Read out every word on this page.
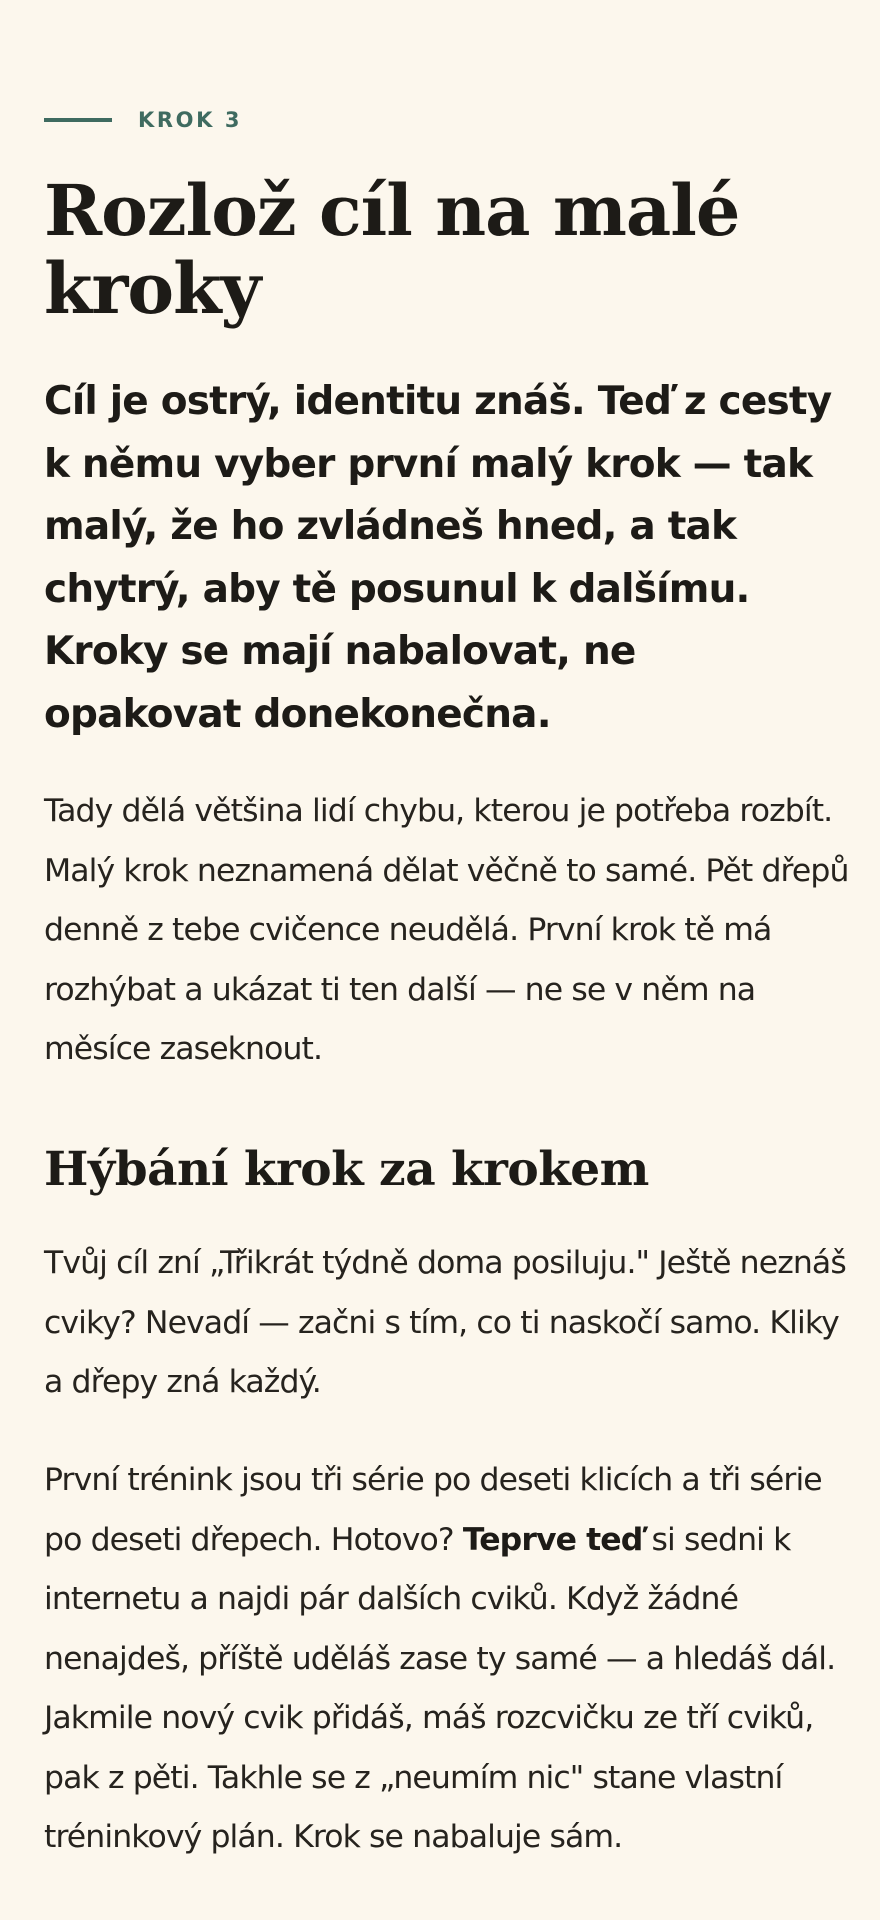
KROK 3
Rozlož cíl na malé kroky

Cíl je ostrý, identitu znáš. Teď z cesty k němu vyber první malý krok — tak malý, že ho zvládneš hned, a tak chytrý, aby tě posunul k dalšímu. Kroky se mají nabalovat, ne opakovat donekonečna.

Tady dělá většina lidí chybu, kterou je potřeba rozbít. Malý krok neznamená dělat věčně to samé. Pět dřepů denně z tebe cvičence neudělá. První krok tě má rozhýbat a ukázat ti ten další — ne se v něm na měsíce zaseknout.

Hýbání krok za krokem

Tvůj cíl zní „Třikrát týdně doma posiluju." Ještě neznáš cviky? Nevadí — začni s tím, co ti naskočí samo. Kliky a dřepy zná každý.

První trénink jsou tři série po deseti klicích a tři série po deseti dřepech. Hotovo? Teprve teď si sedni k internetu a najdi pár dalších cviků. Když žádné nenajdeš, příště uděláš zase ty samé — a hledáš dál. Jakmile nový cvik přidáš, máš rozcvičku ze tří cviků, pak z pěti. Takhle se z „neumím nic" stane vlastní tréninkový plán. Krok se nabaluje sám.
